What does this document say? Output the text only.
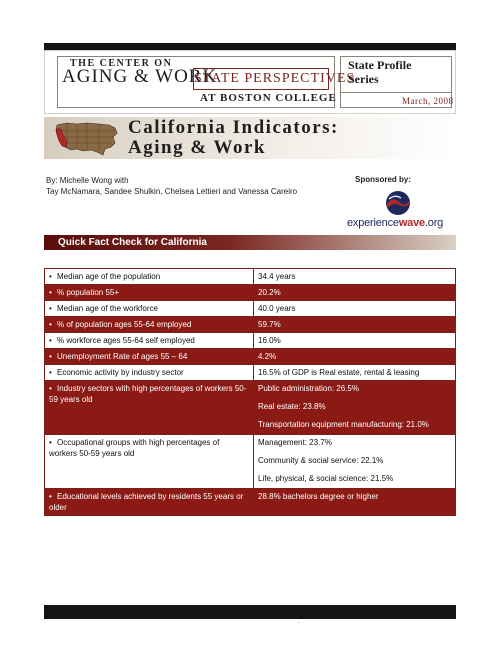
THE CENTER ON
AGING & WORK
STATE PERSPECTIVES
AT BOSTON COLLEGE
State Profile
Series
March, 2008
California Indicators:
Aging & Work
By: Michelle Wong with
Tay McNamara, Sandee Shulkin, Chelsea Lettieri and Vanessa Careiro
Sponsored by:
experiencewave.org
Quick Fact Check for California
• Median age of the population	34.4 years
• % population 55+	20.2%
• Median age of the workforce	40.0 years
• % of population ages 55-64 employed	59.7%
• % workforce ages 55-64 self employed	16.0%
• Unemployment Rate of ages 55 – 64	4.2%
• Economic activity by industry sector	16.5% of GDP is Real estate, rental & leasing
• Industry sectors with high percentages of workers 50-59 years old	Public administration: 26.5%
Real estate: 23.8%
Transportation equipment manufacturing: 21.0%

• Occupational groups with high percentages of workers 50-59 years old	Management: 23.7%
Community & social service: 22.1%
Life, physical, & social science: 21.5%

• Educational levels achieved by residents 55 years or older	28.8% bachelors degree or higher
.
